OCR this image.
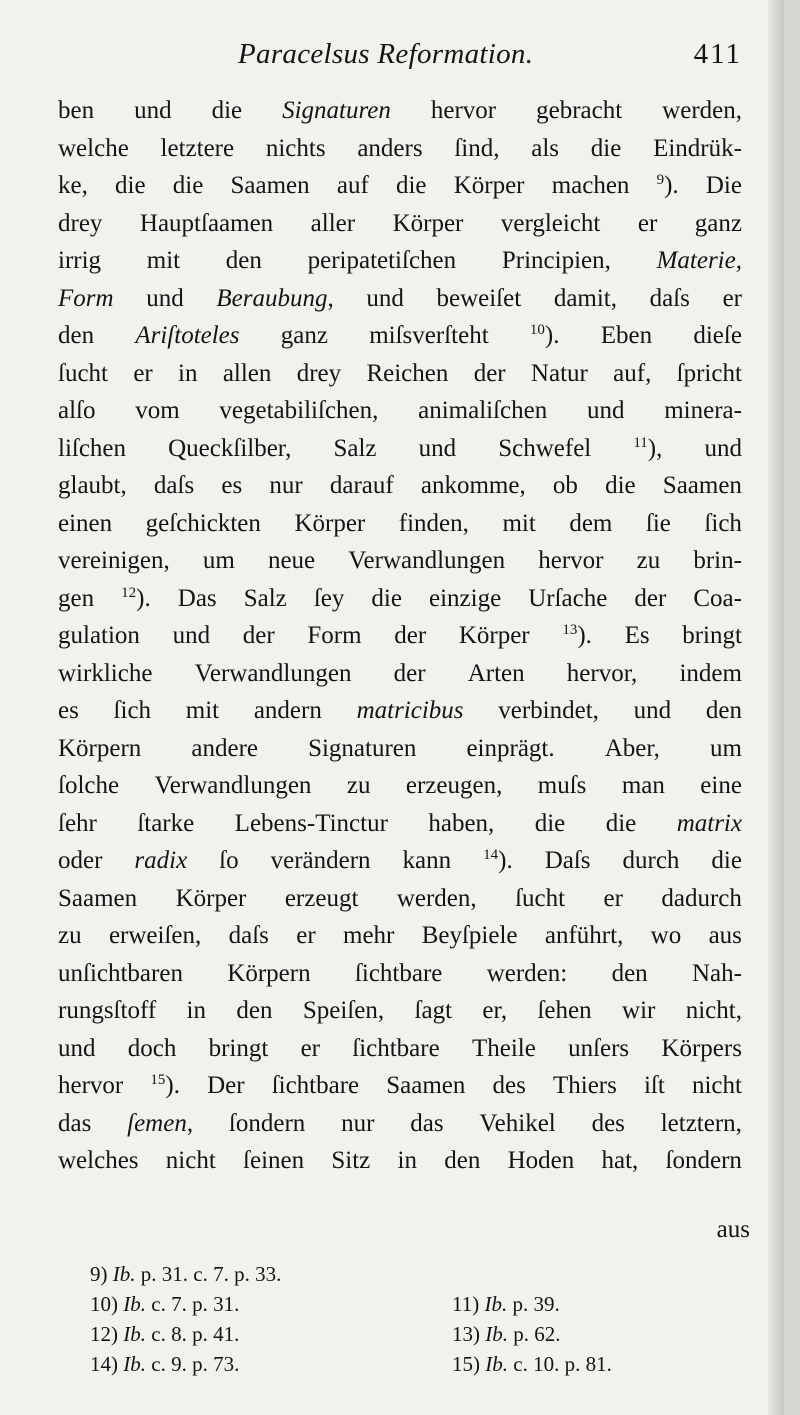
Paracelsus Reformation.	411
ben und die Signaturen hervor gebracht werden,
welche letztere nichts anders ſind, als die Eindrük-
ke, die die Saamen auf die Körper machen $^9$). Die
drey Hauptſaamen aller Körper vergleicht er ganz
irrig mit den peripatetiſchen Principien, Materie,
Form und Beraubung, und beweiſet damit, daſs er
den Ariſtoteles ganz miſsverſteht	$^{10}$). Eben dieſe
ſucht er in allen drey Reichen der Natur auf, ſpricht
alſo vom vegetabiliſchen, animaliſchen und minera-
liſchen Queckſilber, Salz und Schwefel	$^{11}$), und
glaubt, daſs es nur darauf ankomme, ob die Saamen
einen geſchickten Körper finden, mit dem ſie ſich
vereinigen, um neue Verwandlungen hervor zu brin-
gen $^{12}$). Das Salz ſey die einzige Urſache der Coa-
gulation und der Form der Körper $^{13}$). Es bringt
wirkliche Verwandlungen der Arten hervor, indem
es ſich mit andern matricibus verbindet, und den
Körpern andere Signaturen einprägt. Aber, um
ſolche Verwandlungen zu erzeugen, muſs man eine
ſehr ſtarke Lebens-Tinctur haben, die die matrix
oder radix ſo verändern kann $^{14}$). Daſs durch die
Saamen Körper erzeugt werden, ſucht er dadurch
zu erweiſen, daſs er mehr Beyſpiele anführt, wo aus
unſichtbaren Körpern ſichtbare werden: den Nah-
rungsſtoff in den Speiſen, ſagt er, ſehen wir nicht,
und doch bringt er ſichtbare Theile unſers Körpers
hervor $^{15}$). Der ſichtbare Saamen des Thiers iſt nicht
das ſemen, ſondern nur das Vehikel des letztern,
welches nicht ſeinen Sitz in den Hoden hat, ſondern
aus
9) Ib. p. 31. c. 7. p. 33.
10) Ib. c. 7. p. 31.	11) Ib. p. 39.
12) Ib. c. 8. p. 41.	13) Ib. p. 62.
14) Ib. c. 9. p. 73.	15) Ib. c. 10. p. 81.
